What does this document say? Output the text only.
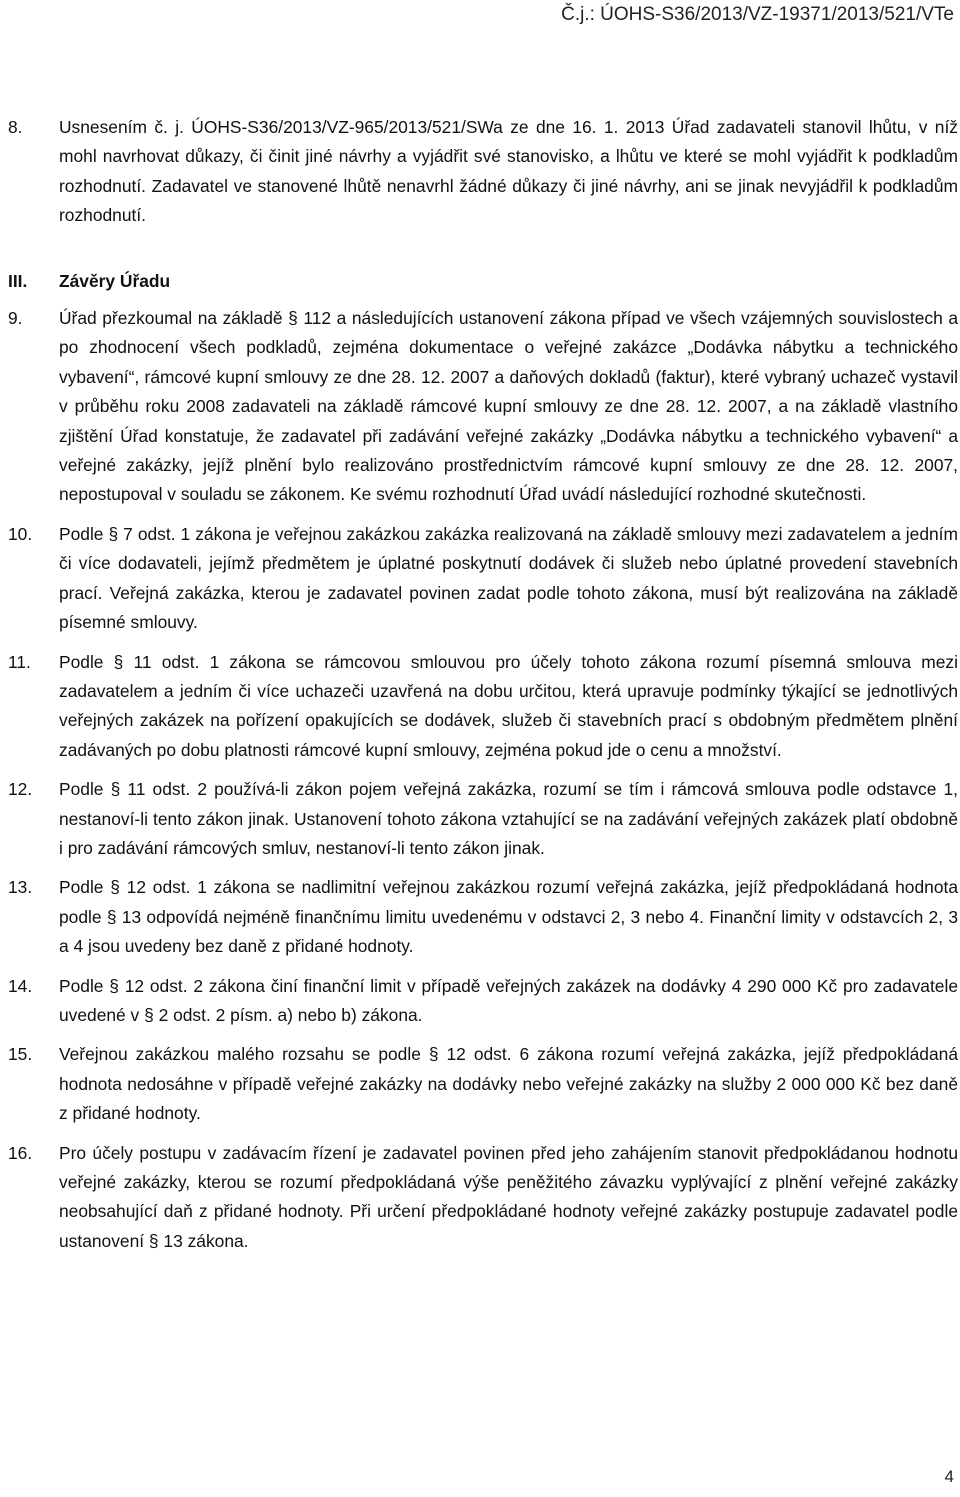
Č.j.: ÚOHS-S36/2013/VZ-19371/2013/521/VTe

8.	Usnesením č. j. ÚOHS-S36/2013/VZ-965/2013/521/SWa ze dne 16. 1. 2013 Úřad zadavateli stanovil lhůtu, v níž mohl navrhovat důkazy, či činit jiné návrhy a vyjádřit své stanovisko, a lhůtu ve které se mohl vyjádřit k podkladům rozhodnutí. Zadavatel ve stanovené lhůtě nenavrhl žádné důkazy či jiné návrhy, ani se jinak nevyjádřil k podkladům rozhodnutí.

III. Závěry Úřadu

9.	Úřad přezkoumal na základě § 112 a následujících ustanovení zákona případ ve všech vzájemných souvislostech a po zhodnocení všech podkladů, zejména dokumentace o veřejné zakázce „Dodávka nábytku a technického vybavení“, rámcové kupní smlouvy ze dne 28. 12. 2007 a daňových dokladů (faktur), které vybraný uchazeč vystavil v průběhu roku 2008 zadavateli na základě rámcové kupní smlouvy ze dne 28. 12. 2007, a na základě vlastního zjištění Úřad konstatuje, že zadavatel při zadávání veřejné zakázky „Dodávka nábytku a technického vybavení“ a veřejné zakázky, jejíž plnění bylo realizováno prostřednictvím rámcové kupní smlouvy ze dne 28. 12. 2007, nepostupoval v souladu se zákonem. Ke svému rozhodnutí Úřad uvádí následující rozhodné skutečnosti.

10.	Podle § 7 odst. 1 zákona je veřejnou zakázkou zakázka realizovaná na základě smlouvy mezi zadavatelem a jedním či více dodavateli, jejímž předmětem je úplatné poskytnutí dodávek či služeb nebo úplatné provedení stavebních prací. Veřejná zakázka, kterou je zadavatel povinen zadat podle tohoto zákona, musí být realizována na základě písemné smlouvy.

11.	Podle § 11 odst. 1 zákona se rámcovou smlouvou pro účely tohoto zákona rozumí písemná smlouva mezi zadavatelem a jedním či více uchazeči uzavřená na dobu určitou, která upravuje podmínky týkající se jednotlivých veřejných zakázek na pořízení opakujících se dodávek, služeb či stavebních prací s obdobným předmětem plnění zadávaných po dobu platnosti rámcové kupní smlouvy, zejména pokud jde o cenu a množství.

12.	Podle § 11 odst. 2 používá-li zákon pojem veřejná zakázka, rozumí se tím i rámcová smlouva podle odstavce 1, nestanoví-li tento zákon jinak. Ustanovení tohoto zákona vztahující se na zadávání veřejných zakázek platí obdobně i pro zadávání rámcových smluv, nestanoví-li tento zákon jinak.

13.	Podle § 12 odst. 1 zákona se nadlimitní veřejnou zakázkou rozumí veřejná zakázka, jejíž předpokládaná hodnota podle § 13 odpovídá nejméně finančnímu limitu uvedenému v odstavci 2, 3 nebo 4. Finanční limity v odstavcích 2, 3 a 4 jsou uvedeny bez daně z přidané hodnoty.

14.	Podle § 12 odst. 2 zákona činí finanční limit v případě veřejných zakázek na dodávky 4 290 000 Kč pro zadavatele uvedené v § 2 odst. 2 písm. a) nebo b) zákona.

15.	Veřejnou zakázkou malého rozsahu se podle § 12 odst. 6 zákona rozumí veřejná zakázka, jejíž předpokládaná hodnota nedosáhne v případě veřejné zakázky na dodávky nebo veřejné zakázky na služby 2 000 000 Kč bez daně z přidané hodnoty.

16.	Pro účely postupu v zadávacím řízení je zadavatel povinen před jeho zahájením stanovit předpokládanou hodnotu veřejné zakázky, kterou se rozumí předpokládaná výše peněžitého závazku vyplývající z plnění veřejné zakázky neobsahující daň z přidané hodnoty. Při určení předpokládané hodnoty veřejné zakázky postupuje zadavatel podle ustanovení § 13 zákona.

4
